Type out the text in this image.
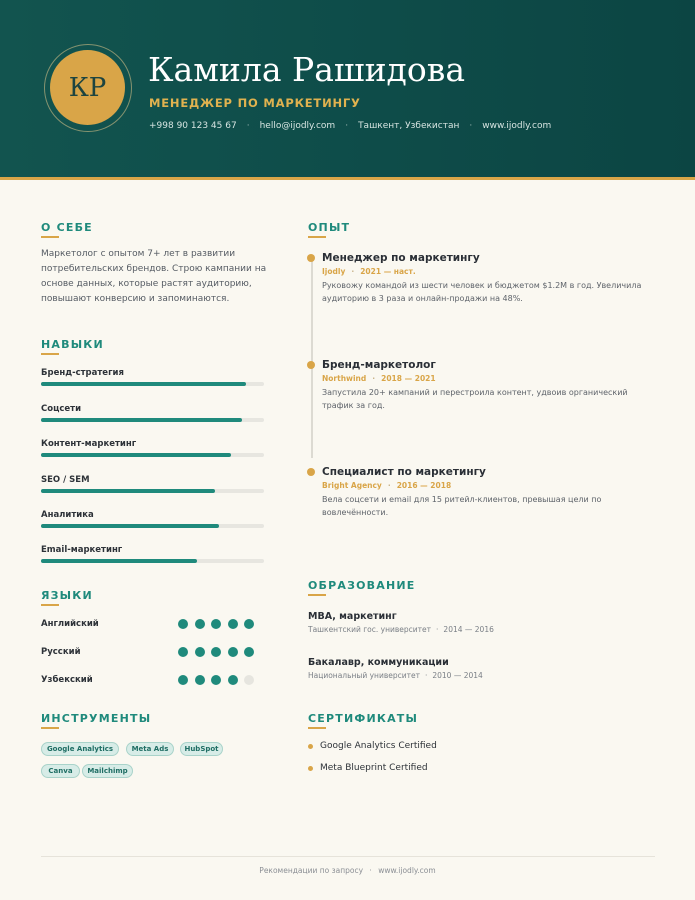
КР	Камила Рашидова
МЕНЕДЖЕР ПО МАРКЕТИНГУ
+998 90 123 45 67 · hello@ijodly.com · Ташкент, Узбекистан · www.ijodly.com
О СЕБЕ
Маркетолог с опытом 7+ лет в развитии потребительских брендов. Строю кампании на основе данных, которые растят аудиторию, повышают конверсию и запоминаются.
НАВЫКИ
Бренд-стратегия
Соцсети
Контент-маркетинг
SEO / SEM
Аналитика
Email-маркетинг
ЯЗЫКИ
Английский
Русский
Узбекский
ИНСТРУМЕНТЫ
Google Analytics	Meta Ads	HubSpot
Canva	Mailchimp
ОПЫТ
Менеджер по маркетингу
Ijodly · 2021 — наст.
Руковожу командой из шести человек и бюджетом $1.2M в год. Увеличила аудиторию в 3 раза и онлайн-продажи на 48%.
Бренд-маркетолог
Northwind · 2018 — 2021
Запустила 20+ кампаний и перестроила контент, удвоив органический трафик за год.
Специалист по маркетингу
Bright Agency · 2016 — 2018
Вела соцсети и email для 15 ритейл-клиентов, превышая цели по вовлечённости.
ОБРАЗОВАНИЕ
MBA, маркетинг
Ташкентский гос. университет · 2014 — 2016
Бакалавр, коммуникации
Национальный университет · 2010 — 2014
СЕРТИФИКАТЫ
Google Analytics Certified
Meta Blueprint Certified
Рекомендации по запросу · www.ijodly.com
